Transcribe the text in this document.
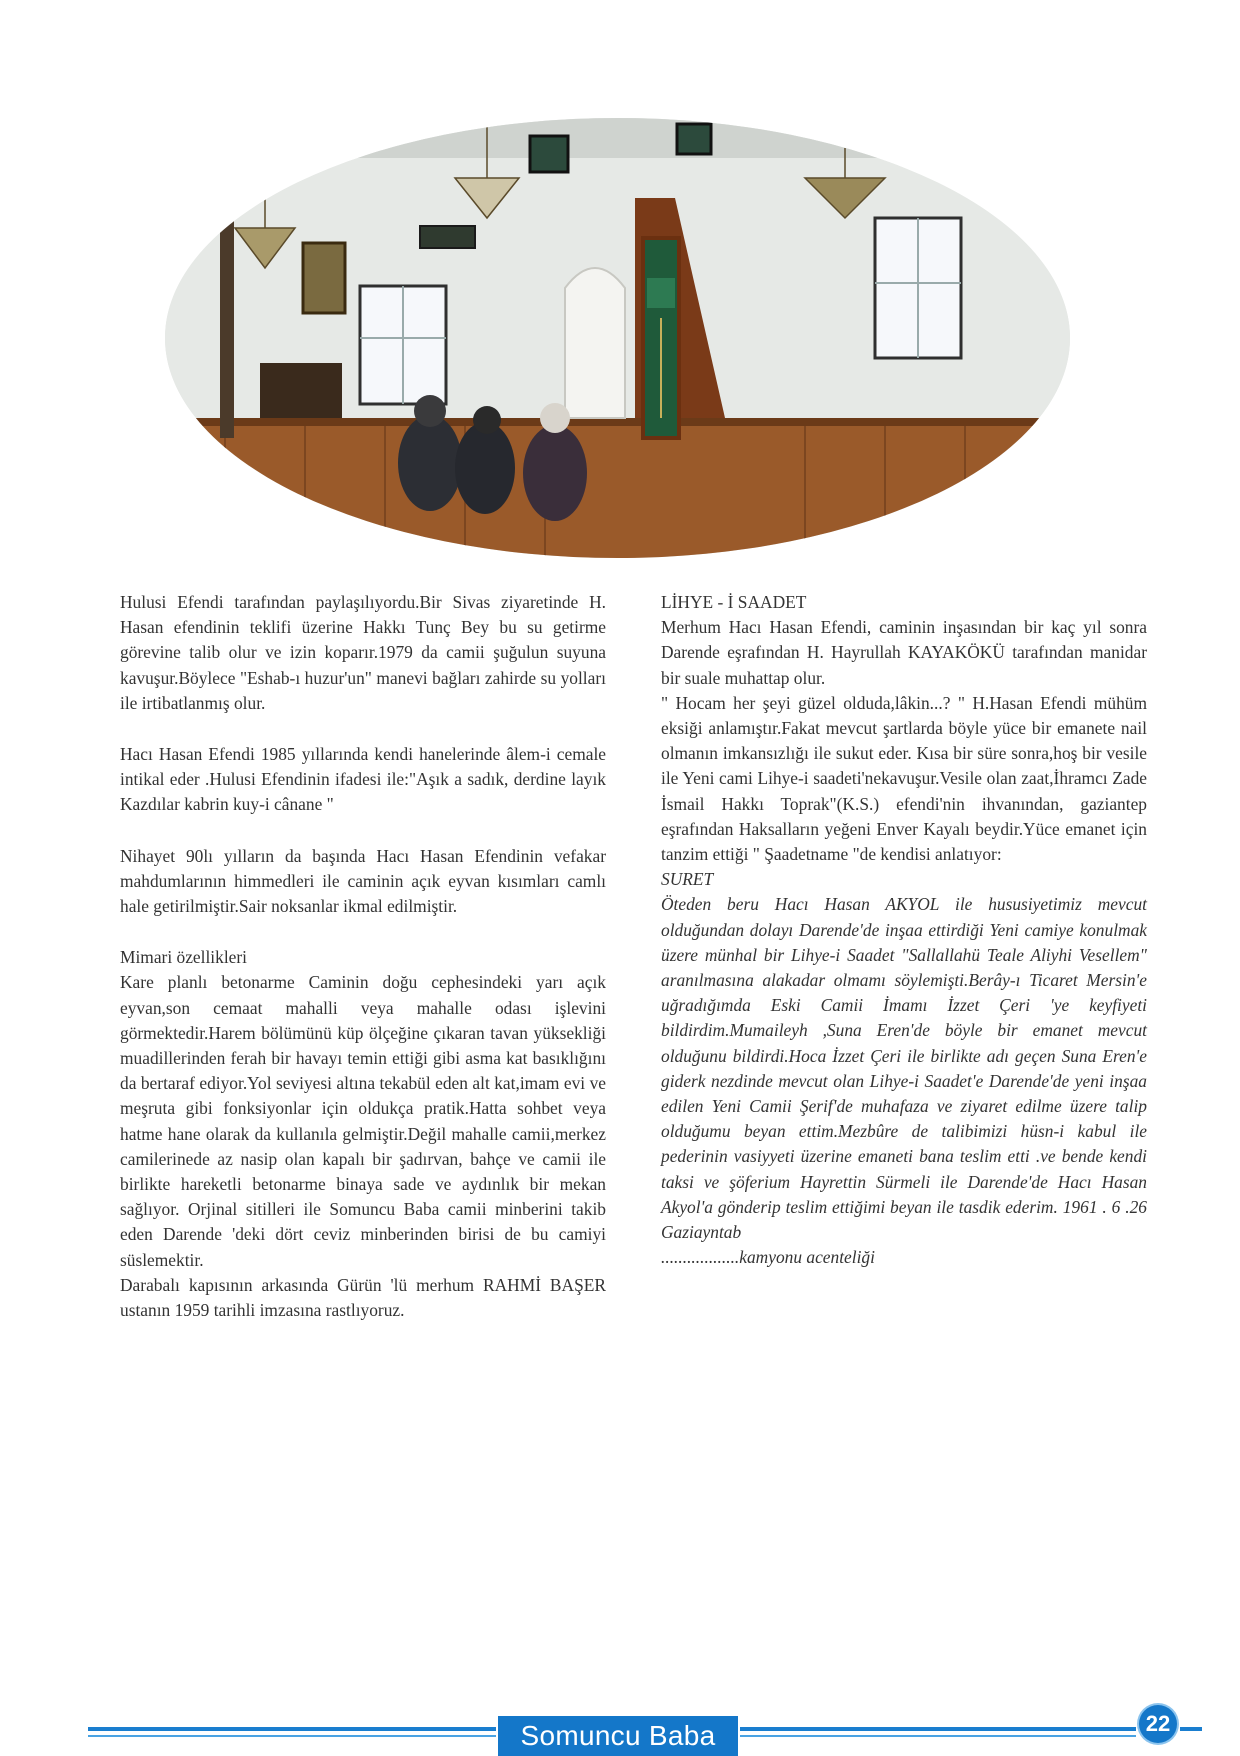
Hulusi Efendi tarafından paylaşılıyordu.Bir Sivas ziyaretinde H. Hasan efendinin teklifi üzerine Hakkı Tunç Bey bu su getirme görevine talib olur ve izin koparır.1979 da camii şuğulun suyuna kavuşur.Böylece "Eshab-ı huzur'un" manevi bağları zahirde su yolları ile irtibatlanmış olur.

Hacı Hasan Efendi 1985 yıllarında kendi hanelerinde âlem-i cemale intikal eder .Hulusi Efendinin ifadesi ile:"Aşık a sadık, derdine layık Kazdılar kabrin kuy-i cânane "

Nihayet 90lı yılların da başında Hacı Hasan Efendinin vefakar mahdumlarının himmedleri ile caminin açık eyvan kısımları camlı hale getirilmiştir.Sair noksanlar ikmal edilmiştir.

Mimari özellikleri

Kare planlı betonarme Caminin doğu cephesindeki yarı açık eyvan,son cemaat mahalli veya mahalle odası işlevini görmektedir.Harem bölümünü küp ölçeğine çıkaran tavan yüksekliği muadillerinden ferah bir havayı temin ettiği gibi asma kat basıklığını da bertaraf ediyor.Yol seviyesi altına tekabül eden alt kat,imam evi ve meşruta gibi fonksiyonlar için oldukça pratik.Hatta sohbet veya hatme hane olarak da kullanıla gelmiştir.Değil mahalle camii,merkez camilerinede az nasip olan kapalı bir şadırvan, bahçe ve camii ile birlikte hareketli betonarme binaya sade ve aydınlık bir mekan sağlıyor. Orjinal sitilleri ile Somuncu Baba camii minberini takib eden Darende 'deki dört ceviz minberinden birisi de bu camiyi süslemektir.

Darabalı kapısının arkasında Gürün 'lü merhum RAHMİ BAŞER ustanın 1959 tarihli imzasına rastlıyoruz.

LİHYE - İ SAADET

Merhum Hacı Hasan Efendi, caminin inşasından bir kaç yıl sonra Darende eşrafından H. Hayrullah KAYAKÖKÜ tarafından manidar bir suale muhattap olur.

" Hocam her şeyi güzel olduda,lâkin...? " H.Hasan Efendi mühüm eksiği anlamıştır.Fakat mevcut şartlarda böyle yüce bir emanete nail olmanın imkansızlığı ile sukut eder. Kısa bir süre sonra,hoş bir vesile ile Yeni cami Lihye-i saadeti'nekavuşur.Vesile olan zaat,İhramcı Zade İsmail Hakkı Toprak"(K.S.) efendi'nin ihvanından, gaziantep eşrafından Haksalların yeğeni Enver Kayalı beydir.Yüce emanet için tanzim ettiği " Şaadetname "de kendisi anlatıyor:

SURET

Öteden beru Hacı Hasan AKYOL ile hususiyetimiz mevcut olduğundan dolayı Darende'de inşaa ettirdiği Yeni camiye konulmak üzere münhal bir Lihye-i Saadet "Sallallahü Teale Aliyhi Vesellem" aranılmasına alakadar olmamı söylemişti.Berây-ı Ticaret Mersin'e uğradığımda Eski Camii İmamı İzzet Çeri 'ye keyfiyeti bildirdim.Mumaileyh ,Suna Eren'de böyle bir emanet mevcut olduğunu bildirdi.Hoca İzzet Çeri ile birlikte adı geçen Suna Eren'e giderk nezdinde mevcut olan Lihye-i Saadet'e Darende'de yeni inşaa edilen Yeni Camii Şerif'de muhafaza ve ziyaret edilme üzere talip olduğumu beyan ettim.Mezbûre de talibimizi hüsn-i kabul ile pederinin vasiyyeti üzerine emaneti bana teslim etti .ve bende kendi taksi ve şöferium Hayrettin Sürmeli ile Darende'de Hacı Hasan Akyol'a gönderip teslim ettiğimi beyan ile tasdik ederim. 1961 . 6 .26 Gaziayntab

..................kamyonu acenteliği

Somuncu Baba	22
